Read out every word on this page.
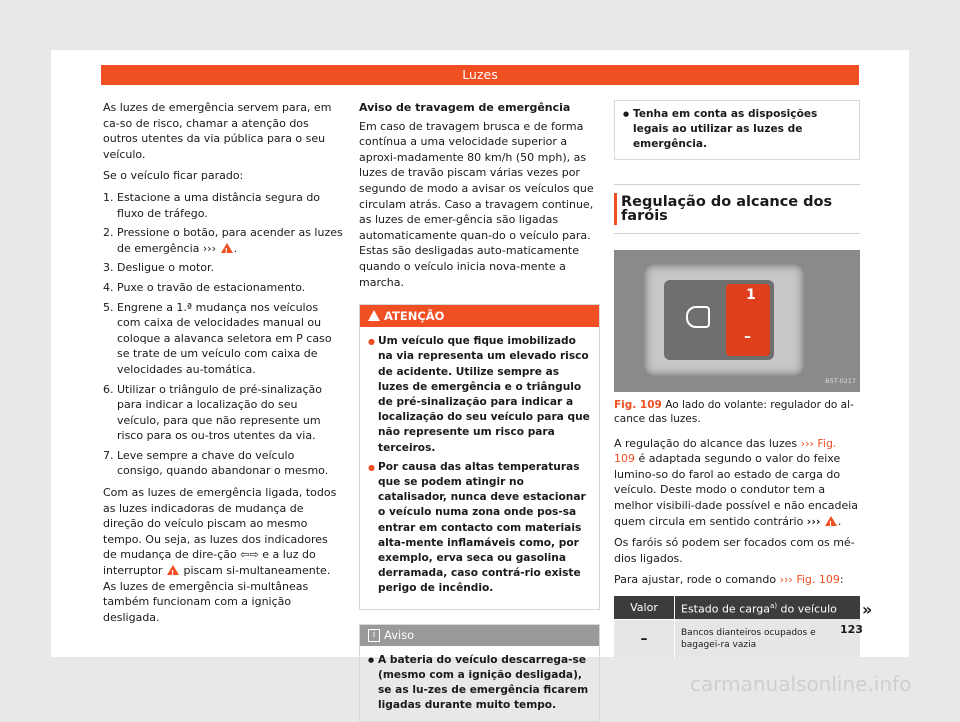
Luzes

As luzes de emergência servem para, em ca-so de risco, chamar a atenção dos outros utentes da via pública para o seu veículo.

Se o veículo ficar parado:

1. Estacione a uma distância segura do fluxo de tráfego.
2. Pressione o botão, para acender as luzes de emergência ››› ! .
3. Desligue o motor.
4. Puxe o travão de estacionamento.
5. Engrene a 1.ª mudança nos veículos com caixa de velocidades manual ou coloque a alavanca seletora em P caso se trate de um veículo com caixa de velocidades au-tomática.
6. Utilizar o triângulo de pré-sinalização para indicar a localização do seu veículo, para que não represente um risco para os ou-tros utentes da via.
7. Leve sempre a chave do veículo consigo, quando abandonar o mesmo.

Com as luzes de emergência ligada, todos as luzes indicadoras de mudança de direção do veículo piscam ao mesmo tempo. Ou seja, as luzes dos indicadores de mudança de dire-ção ⇦⇨ e a luz do interruptor ! piscam si-multaneamente. As luzes de emergência si-multâneas também funcionam com a ignição desligada.

Aviso de travagem de emergência

Em caso de travagem brusca e de forma contínua a uma velocidade superior a aproxi-madamente 80 km/h (50 mph), as luzes de travão piscam várias vezes por segundo de modo a avisar os veículos que circulam atrás. Caso a travagem continue, as luzes de emer-gência são ligadas automaticamente quan-do o veículo para. Estas são desligadas auto-maticamente quando o veículo inicia nova-mente a marcha.

ATENÇÃO
● Um veículo que fique imobilizado na via representa um elevado risco de acidente. Utilize sempre as luzes de emergência e o triângulo de pré-sinalização para indicar a localização do seu veículo para que não represente um risco para terceiros.
● Por causa das altas temperaturas que se podem atingir no catalisador, nunca deve estacionar o veículo numa zona onde pos-sa entrar em contacto com materiais alta-mente inflamáveis como, por exemplo, erva seca ou gasolina derramada, caso contrá-rio existe perigo de incêndio.
i Aviso
● A bateria do veículo descarrega-se (mesmo com a ignição desligada), se as lu-zes de emergência ficarem ligadas durante muito tempo.
● Tenha em conta as disposições legais ao utilizar as luzes de emergência.
Regulação do alcance dos faróis
1
–
B5T-0217
Fig. 109 Ao lado do volante: regulador do al-cance das luzes.

A regulação do alcance das luzes ››› Fig. 109 é adaptada segundo o valor do feixe lumino-so do farol ao estado de carga do veículo. Deste modo o condutor tem a melhor visibili-dade possível e não encadeia quem circula em sentido contrário ››› ! .

Os faróis só podem ser focados com os mé-dios ligados.

Para ajustar, rode o comando ››› Fig. 109:

Valor	Estado de carga$^{a)}$ do veículo
–	Bancos dianteiros ocupados e bagagei-ra vazia
»
123
carmanualsonline.info
